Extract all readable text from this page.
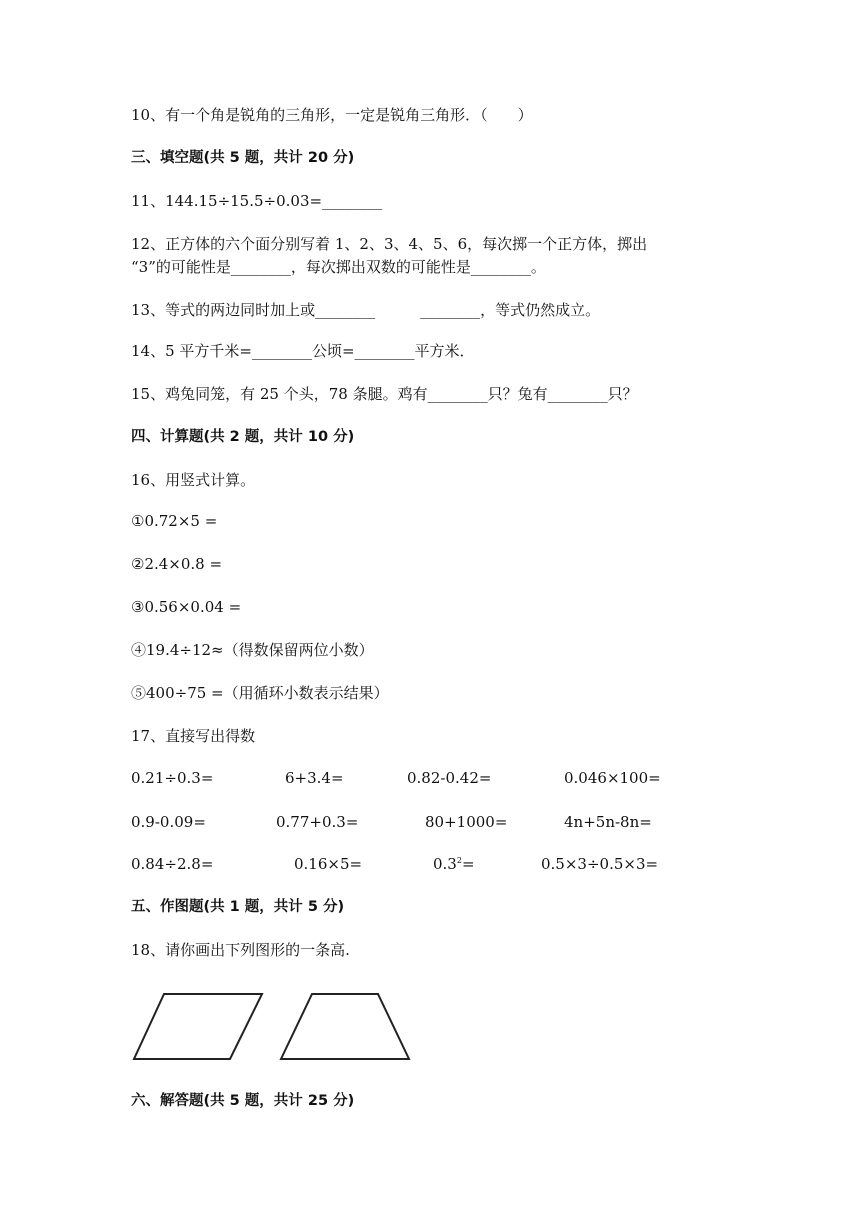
10、有一个角是锐角的三角形，一定是锐角三角形．（　　）
三、填空题(共 5 题，共计 20 分)
11、144.15÷15.5÷0.03=________
12、正方体的六个面分别写着 1、2、3、4、5、6，每次掷一个正方体，掷出
“3”的可能性是________，每次掷出双数的可能性是________。
13、等式的两边同时加上或________　　　________，等式仍然成立。
14、5 平方千米=________公顷=________平方米．
15、鸡兔同笼，有 25 个头，78 条腿。鸡有________只？兔有________只？
四、计算题(共 2 题，共计 10 分)
16、用竖式计算。
①0.72×5 =
②2.4×0.8 =
③0.56×0.04 =
④19.4÷12≈（得数保留两位小数）
⑤400÷75 =（用循环小数表示结果）
17、直接写出得数
0.21÷0.3=	6+3.4=	0.82-0.42=	0.046×100=
0.9-0.09=	0.77+0.3=	80+1000=	4n+5n-8n=
0.84÷2.8=	0.16×5=	$0.3^2=$	0.5×3÷0.5×3=
五、作图题(共 1 题，共计 5 分)
18、请你画出下列图形的一条高.
六、解答题(共 5 题，共计 25 分)
